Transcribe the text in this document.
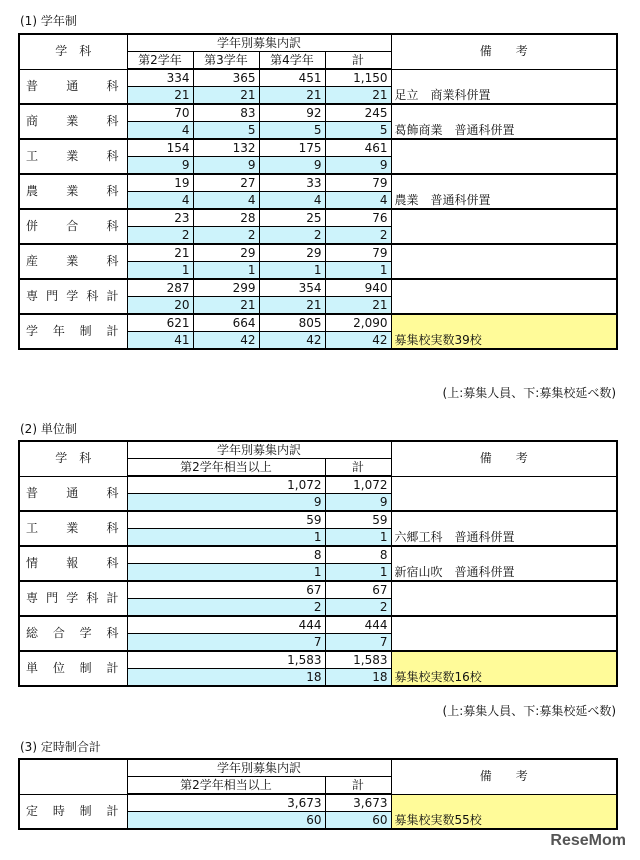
(1) 学年制
学　科	学年別募集内訳				備　　考
	第2学年	第3学年	第4学年	計	
普通科	334	365	451	1,150	足立　商業科併置
	21	21	21	21	
商業科	70	83	92	245	葛飾商業　普通科併置
	4	5	5	5	
工業科	154	132	175	461	
	9	9	9	9	
農業科	19	27	33	79	農業　普通科併置
	4	4	4	4	
併合科	23	28	25	76	
	2	2	2	2	
産業科	21	29	29	79	
	1	1	1	1	
専門学科計	287	299	354	940	
	20	21	21	21	
学年制計	621	664	805	2,090	募集校実数39校
	41	42	42	42	
(上:募集人員、下:募集校延べ数)
(2) 単位制
学　科	学年別募集内訳		備　　考
	第2学年相当以上	計	
普通科	1,072	1,072	
	9	9	
工業科	59	59	六郷工科　普通科併置
	1	1	
情報科	8	8	新宿山吹　普通科併置
	1	1	
専門学科計	67	67	
	2	2	
総合学科	444	444	
	7	7	
単位制計	1,583	1,583	募集校実数16校
	18	18	
(上:募集人員、下:募集校延べ数)
(3) 定時制合計
	学年別募集内訳		備　　考
	第2学年相当以上	計	
定時制計	3,673	3,673	募集校実数55校
	60	60	
ReseMom
